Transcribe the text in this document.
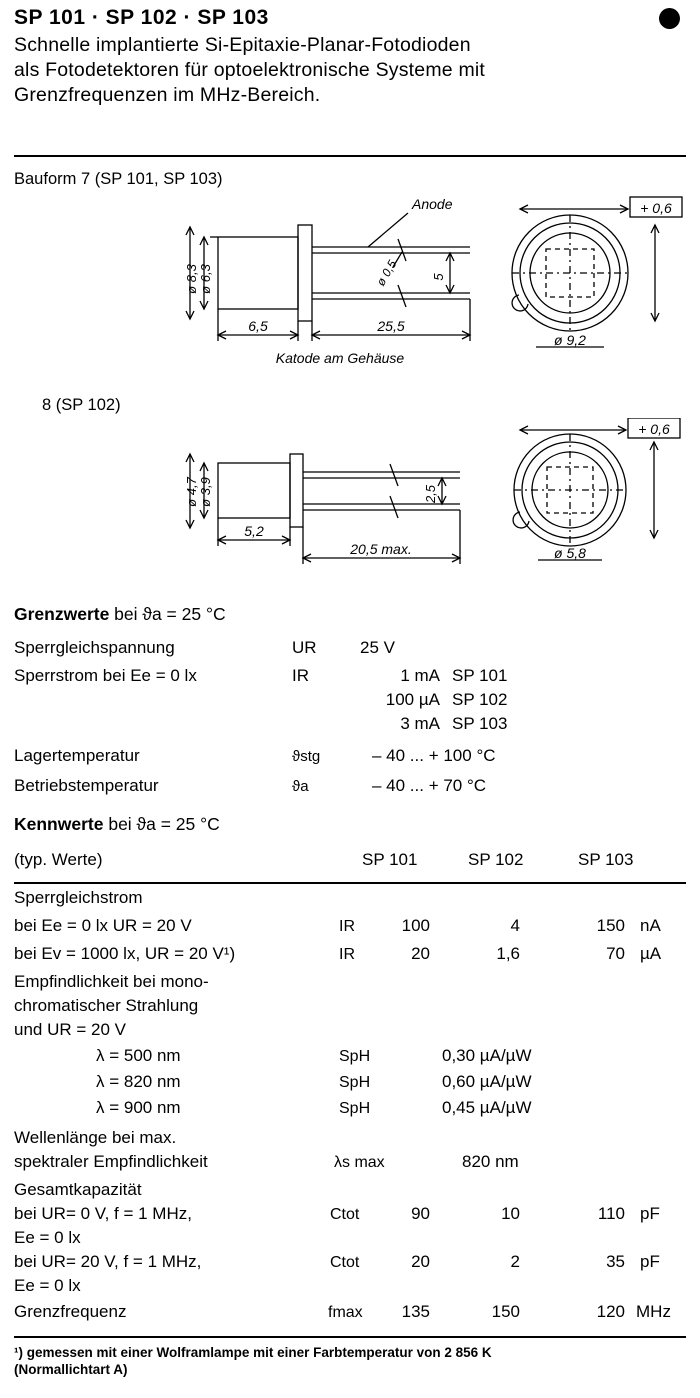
SP 101 · SP 102 · SP 103
Schnelle implantierte Si-Epitaxie-Planar-Fotodioden
als Fotodetektoren für optoelektronische Systeme mit
Grenzfrequenzen im MHz-Bereich.
Bauform 7 (SP 101, SP 103)
ø 8,3 ø 6,3
6,5	25,5
Anode
ø 0,5 5
Katode am Gehäuse
ø 9,2
+ 0,6
8 (SP 102)
ø 4,7 ø 3,9
5,2
20,5 max.
2,5
ø 5,8
+ 0,6
Grenzwerte bei ϑa = 25 °C
Sperrgleichspannung	UR	25 V
Sperrstrom bei Ee = 0 lx	IR	1 mA SP 101
100 µA SP 102
3 mA SP 103
Lagertemperatur	ϑstg	– 40 ... + 100 °C
Betriebstemperatur	ϑa	– 40 ... + 70 °C
Kennwerte bei ϑa = 25 °C
(typ. Werte)	SP 101	SP 102	SP 103
Sperrgleichstrom
bei Ee = 0 lx UR = 20 V	IR	100	4	150 nA
bei Ev = 1000 lx, UR = 20 V¹)	IR	20	1,6	70 µA
Empfindlichkeit bei mono-
chromatischer Strahlung
und UR = 20 V
λ = 500 nm	SpH	0,30 µA/µW
λ = 820 nm	SpH	0,60 µA/µW
λ = 900 nm	SpH	0,45 µA/µW
Wellenlänge bei max.
spektraler Empfindlichkeit	λs max	820 nm
Gesamtkapazität
bei UR= 0 V, f = 1 MHz,	Ctot	90	10	110 pF
Ee = 0 lx
bei UR= 20 V, f = 1 MHz,	Ctot	20	2	35 pF
Ee = 0 lx
Grenzfrequenz	fmax	135	150	120 MHz
¹) gemessen mit einer Wolframlampe mit einer Farbtemperatur von 2 856 K
(Normallichtart A)
